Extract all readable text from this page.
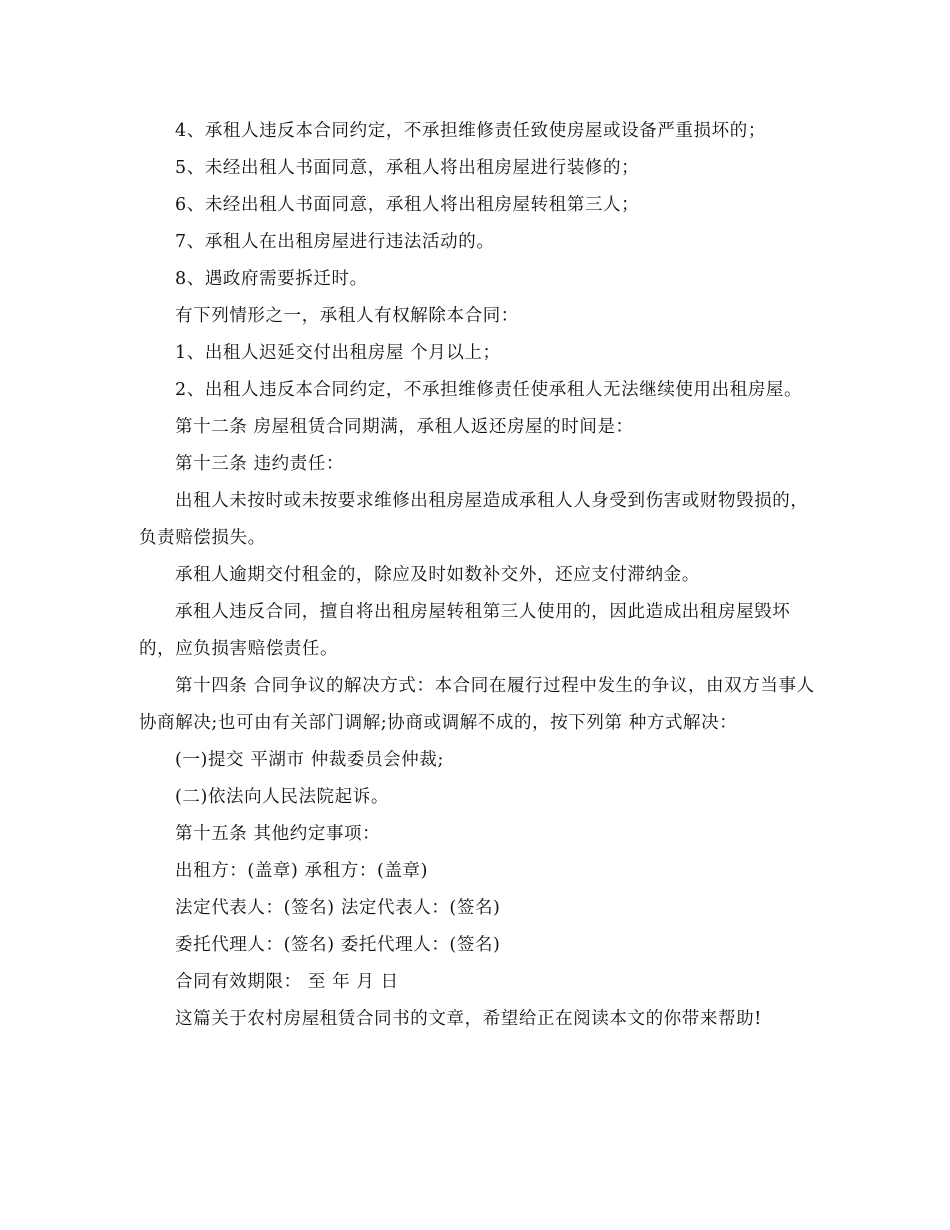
4、承租人违反本合同约定，不承担维修责任致使房屋或设备严重损坏的；

5、未经出租人书面同意，承租人将出租房屋进行装修的；

6、未经出租人书面同意，承租人将出租房屋转租第三人；

7、承租人在出租房屋进行违法活动的。

8、遇政府需要拆迁时。

有下列情形之一，承租人有权解除本合同：

1、出租人迟延交付出租房屋 个月以上；

2、出租人违反本合同约定，不承担维修责任使承租人无法继续使用出租房屋。

第十二条 房屋租赁合同期满，承租人返还房屋的时间是：

第十三条 违约责任：

出租人未按时或未按要求维修出租房屋造成承租人人身受到伤害或财物毁损的，负责赔偿损失。

承租人逾期交付租金的，除应及时如数补交外，还应支付滞纳金。

承租人违反合同，擅自将出租房屋转租第三人使用的，因此造成出租房屋毁坏的，应负损害赔偿责任。

第十四条 合同争议的解决方式：本合同在履行过程中发生的争议，由双方当事人协商解决;也可由有关部门调解;协商或调解不成的，按下列第 种方式解决：

(一)提交 平湖市 仲裁委员会仲裁;

(二)依法向人民法院起诉。

第十五条 其他约定事项：

出租方：(盖章) 承租方：(盖章)

法定代表人：(签名) 法定代表人：(签名)

委托代理人：(签名) 委托代理人：(签名)

合同有效期限： 至 年 月 日

这篇关于农村房屋租赁合同书的文章，希望给正在阅读本文的你带来帮助!
